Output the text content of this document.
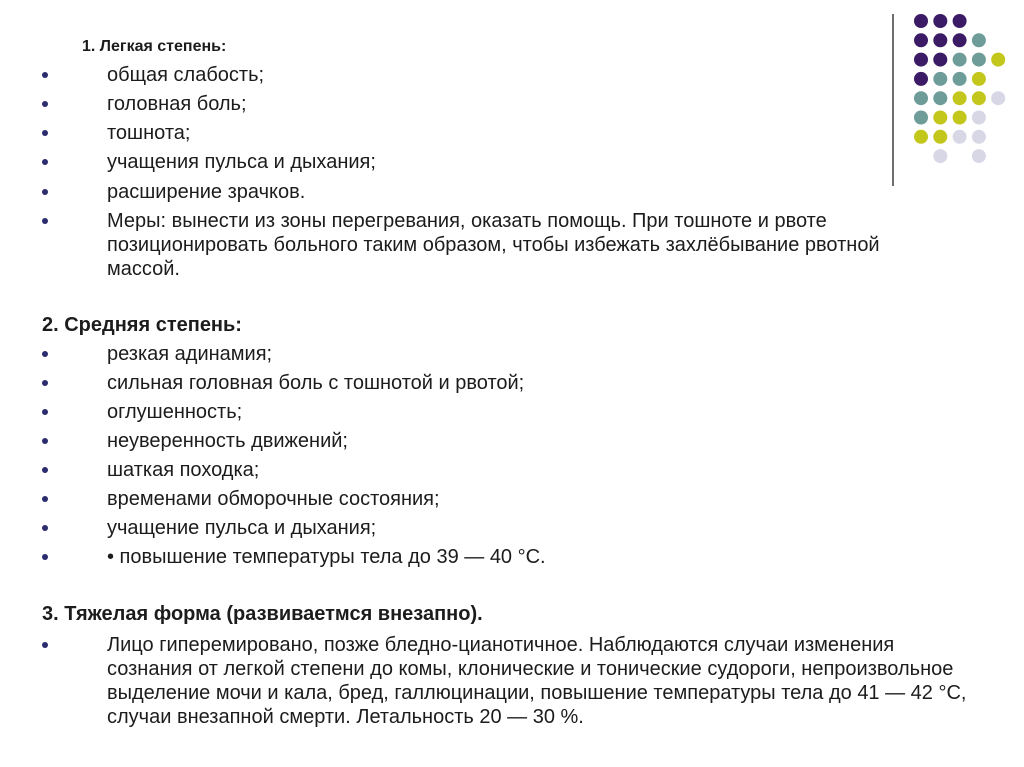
1. Легкая степень:
общая слабость;
головная боль;
тошнота;
учащения пульса и дыхания;
расширение зрачков.
Меры: вынести из зоны перегревания, оказать помощь. При тошноте и рвоте позиционировать больного таким образом, чтобы избежать захлёбывание рвотной массой.
2. Средняя степень:
резкая адинамия;
сильная головная боль с тошнотой и рвотой;
оглушенность;
неуверенность движений;
шаткая походка;
временами обморочные состояния;
учащение пульса и дыхания;
• повышение температуры тела до 39 — 40 °С.
3. Тяжелая форма (развиваетмся внезапно).
Лицо гиперемировано, позже бледно-цианотичное. Наблюдаются случаи изменения сознания от легкой степени до комы, клонические и тонические судороги, непроизвольное выделение мочи и кала, бред, галлюцинации, повышение температуры тела до 41 — 42 °С, случаи внезапной смерти. Летальность 20 — 30 %.
